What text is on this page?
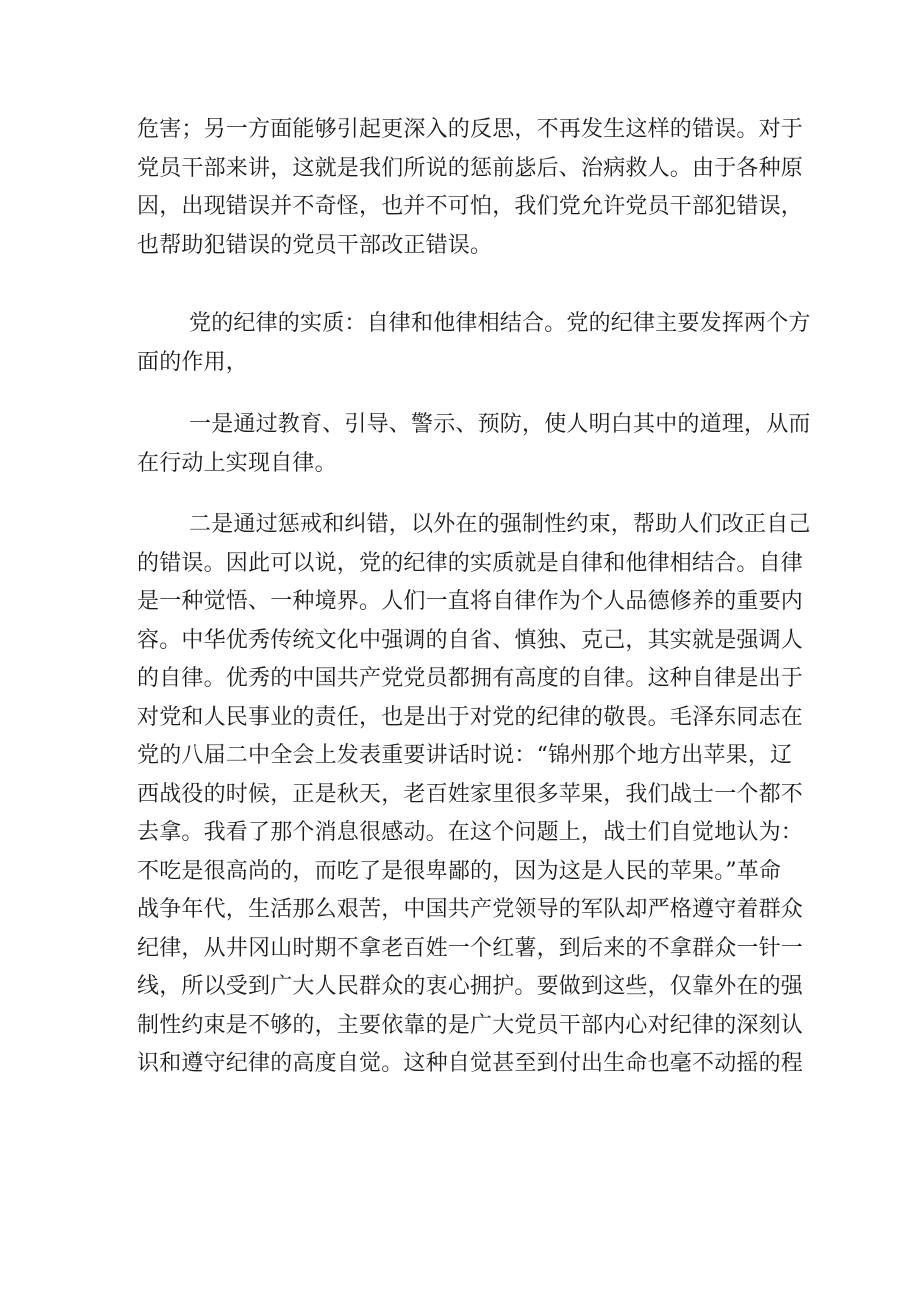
危害；另一方面能够引起更深入的反思，不再发生这样的错误。对于
党员干部来讲，这就是我们所说的惩前毖后、治病救人。由于各种原
因，出现错误并不奇怪，也并不可怕，我们党允许党员干部犯错误，
也帮助犯错误的党员干部改正错误。
党的纪律的实质：自律和他律相结合。党的纪律主要发挥两个方
面的作用，
一是通过教育、引导、警示、预防，使人明白其中的道理，从而
在行动上实现自律。
二是通过惩戒和纠错，以外在的强制性约束，帮助人们改正自己
的错误。因此可以说，党的纪律的实质就是自律和他律相结合。自律
是一种觉悟、一种境界。人们一直将自律作为个人品德修养的重要内
容。中华优秀传统文化中强调的自省、慎独、克己，其实就是强调人
的自律。优秀的中国共产党党员都拥有高度的自律。这种自律是出于
对党和人民事业的责任，也是出于对党的纪律的敬畏。毛泽东同志在
党的八届二中全会上发表重要讲话时说：“锦州那个地方出苹果，辽
西战役的时候，正是秋天，老百姓家里很多苹果，我们战士一个都不
去拿。我看了那个消息很感动。在这个问题上，战士们自觉地认为：
不吃是很高尚的，而吃了是很卑鄙的，因为这是人民的苹果。”革命
战争年代，生活那么艰苦，中国共产党领导的军队却严格遵守着群众
纪律，从井冈山时期不拿老百姓一个红薯，到后来的不拿群众一针一
线，所以受到广大人民群众的衷心拥护。要做到这些，仅靠外在的强
制性约束是不够的，主要依靠的是广大党员干部内心对纪律的深刻认
识和遵守纪律的高度自觉。这种自觉甚至到付出生命也毫不动摇的程
